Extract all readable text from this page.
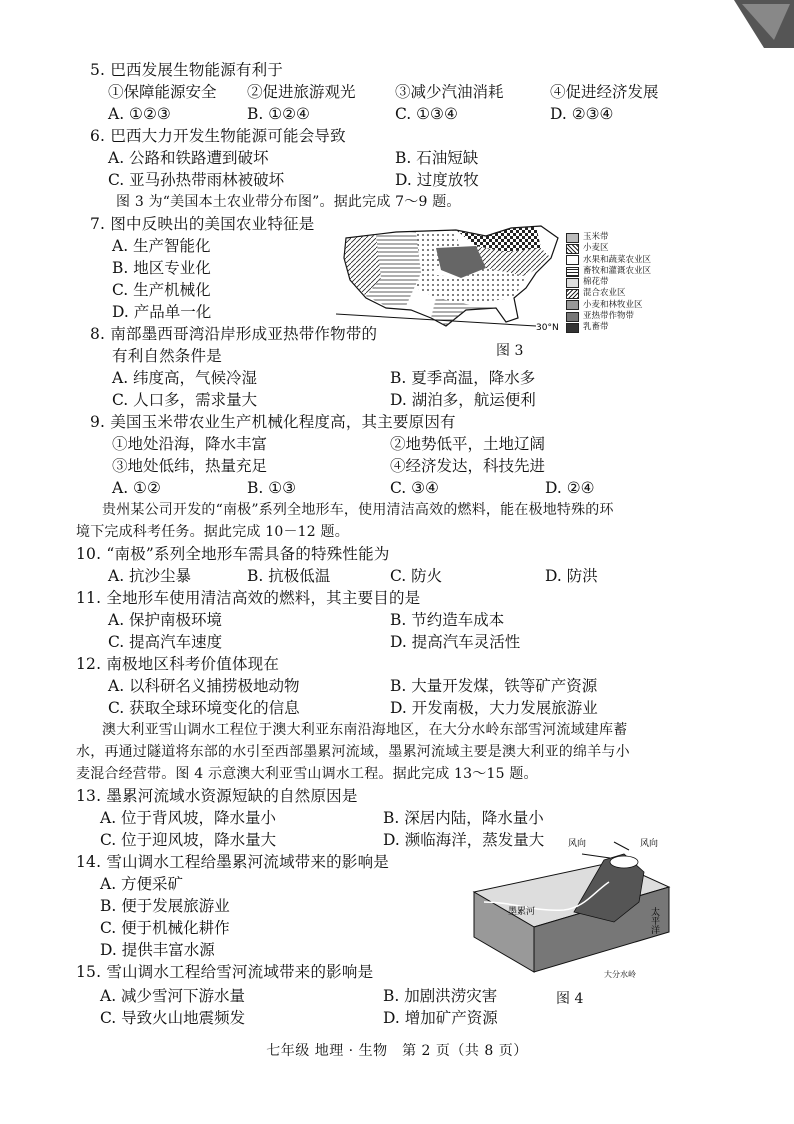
5. 巴西发展生物能源有利于
①保障能源安全 ②促进旅游观光	③减少汽油消耗	④促进经济发展
A. ①②③	B. ①②④	C. ①③④	D. ②③④
6. 巴西大力开发生物能源可能会导致
A. 公路和铁路遭到破坏	B. 石油短缺
C. 亚马孙热带雨林被破坏	D. 过度放牧
图 3 为“美国本土农业带分布图”。据此完成 7～9 题。
7. 图中反映出的美国农业特征是
A. 生产智能化
B. 地区专业化
C. 生产机械化
D. 产品单一化
30°N
玉米带
小麦区
水果和蔬菜农业区
畜牧和灌溉农业区
棉花带
混合农业区
小麦和林牧业区
亚热带作物带
乳畜带
图 3
8. 南部墨西哥湾沿岸形成亚热带作物带的
有利自然条件是
A. 纬度高，气候冷湿	B. 夏季高温，降水多
C. 人口多，需求量大	D. 湖泊多，航运便利
9. 美国玉米带农业生产机械化程度高，其主要原因有
①地处沿海，降水丰富	②地势低平，土地辽阔
③地处低纬，热量充足	④经济发达，科技先进
A. ①②	B. ①③	C. ③④	D. ②④
贵州某公司开发的“南极”系列全地形车，使用清洁高效的燃料，能在极地特殊的环
境下完成科考任务。据此完成 10－12 题。
10. “南极”系列全地形车需具备的特殊性能为
A. 抗沙尘暴	B. 抗极低温	C. 防火	D. 防洪
11. 全地形车使用清洁高效的燃料，其主要目的是
A. 保护南极环境	B. 节约造车成本
C. 提高汽车速度	D. 提高汽车灵活性
12. 南极地区科考价值体现在
A. 以科研名义捕捞极地动物	B. 大量开发煤，铁等矿产资源
C. 获取全球环境变化的信息	D. 开发南极，大力发展旅游业
澳大利亚雪山调水工程位于澳大利亚东南沿海地区，在大分水岭东部雪河流域建库蓄
水，再通过隧道将东部的水引至西部墨累河流域，墨累河流域主要是澳大利亚的绵羊与小
麦混合经营带。图 4 示意澳大利亚雪山调水工程。据此完成 13～15 题。
13. 墨累河流域水资源短缺的自然原因是
A. 位于背风坡，降水量小	B. 深居内陆，降水量小
C. 位于迎风坡，降水量大	D. 濒临海洋，蒸发量大
14. 雪山调水工程给墨累河流域带来的影响是
A. 方便采矿
B. 便于发展旅游业
C. 便于机械化耕作
D. 提供丰富水源
风向	风向
墨累河	太平洋
大分水岭
图 4
15. 雪山调水工程给雪河流域带来的影响是
A. 减少雪河下游水量	B. 加剧洪涝灾害
C. 导致火山地震频发	D. 增加矿产资源
七年级 地理 · 生物　第 2 页（共 8 页）
